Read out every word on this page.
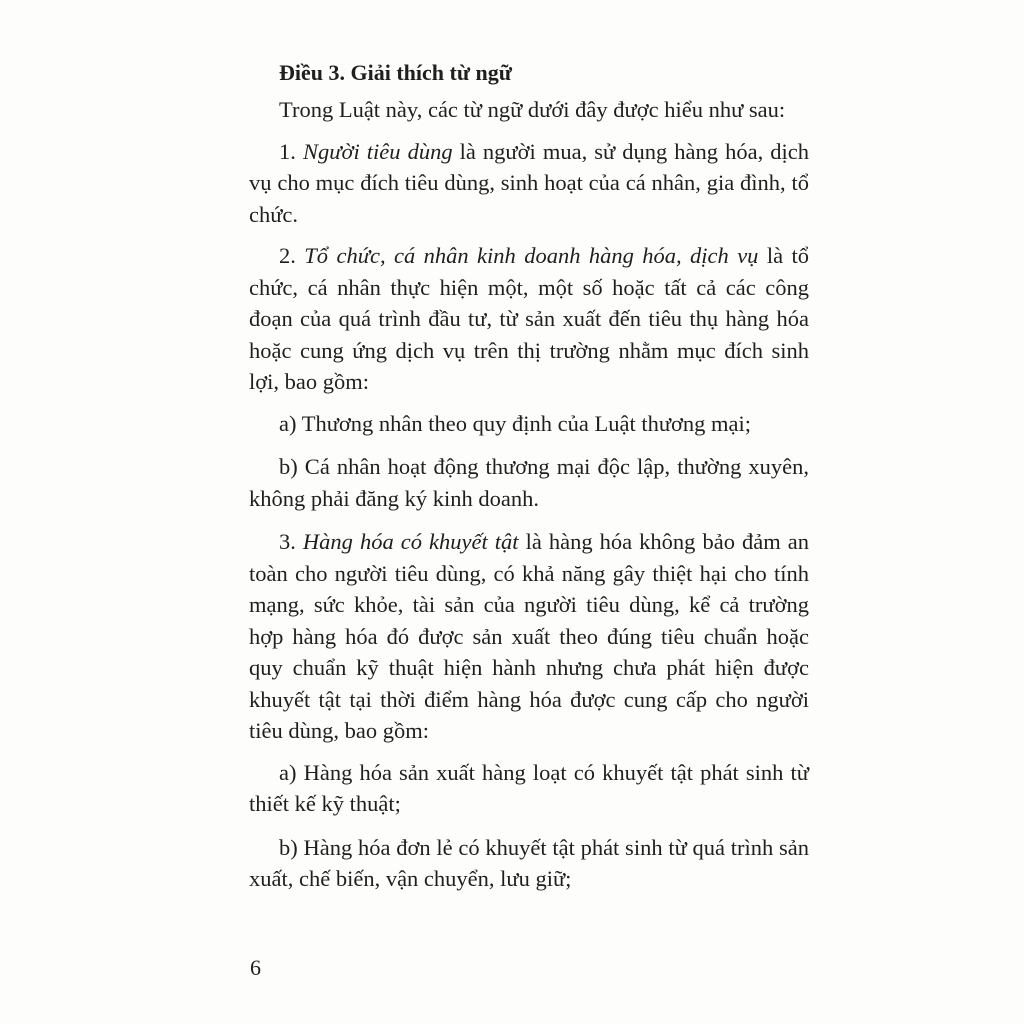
Điều 3. Giải thích từ ngữ

Trong Luật này, các từ ngữ dưới đây được hiểu như sau:

1. Người tiêu dùng là người mua, sử dụng hàng hóa, dịch vụ cho mục đích tiêu dùng, sinh hoạt của cá nhân, gia đình, tổ chức.

2. Tổ chức, cá nhân kinh doanh hàng hóa, dịch vụ là tổ chức, cá nhân thực hiện một, một số hoặc tất cả các công đoạn của quá trình đầu tư, từ sản xuất đến tiêu thụ hàng hóa hoặc cung ứng dịch vụ trên thị trường nhằm mục đích sinh lợi, bao gồm:

a) Thương nhân theo quy định của Luật thương mại;

b) Cá nhân hoạt động thương mại độc lập, thường xuyên, không phải đăng ký kinh doanh.

3. Hàng hóa có khuyết tật là hàng hóa không bảo đảm an toàn cho người tiêu dùng, có khả năng gây thiệt hại cho tính mạng, sức khỏe, tài sản của người tiêu dùng, kể cả trường hợp hàng hóa đó được sản xuất theo đúng tiêu chuẩn hoặc quy chuẩn kỹ thuật hiện hành nhưng chưa phát hiện được khuyết tật tại thời điểm hàng hóa được cung cấp cho người tiêu dùng, bao gồm:

a) Hàng hóa sản xuất hàng loạt có khuyết tật phát sinh từ thiết kế kỹ thuật;

b) Hàng hóa đơn lẻ có khuyết tật phát sinh từ quá trình sản xuất, chế biến, vận chuyển, lưu giữ;

6
